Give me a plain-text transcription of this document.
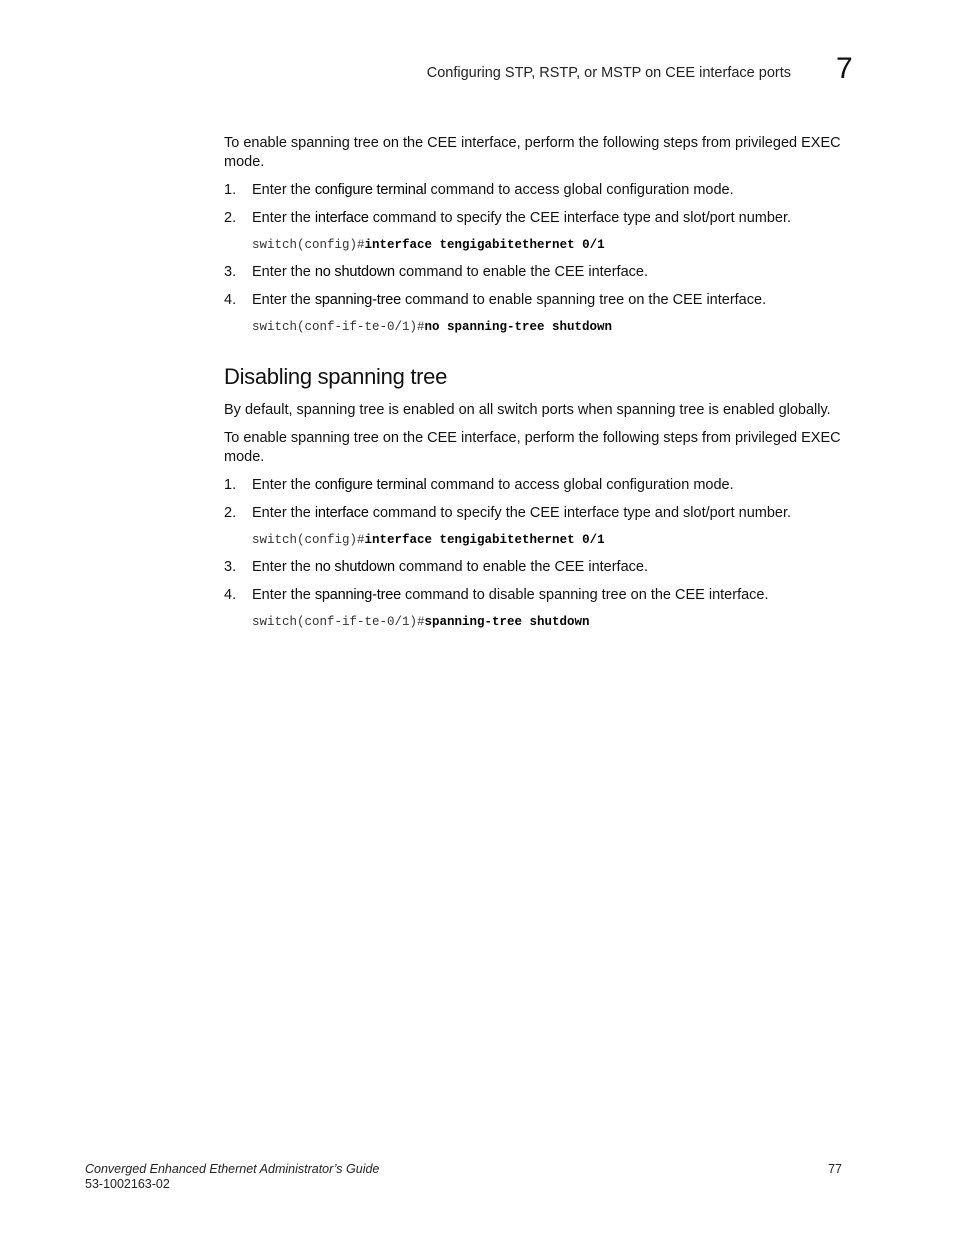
Configuring STP, RSTP, or MSTP on CEE interface ports 7

To enable spanning tree on the CEE interface, perform the following steps from privileged EXEC mode.

1. Enter the configure terminal command to access global configuration mode.
2. Enter the interface command to specify the CEE interface type and slot/port number.
switch(config)#interface tengigabitethernet 0/1
3. Enter the no shutdown command to enable the CEE interface.
4. Enter the spanning-tree command to enable spanning tree on the CEE interface.
switch(conf-if-te-0/1)#no spanning-tree shutdown
Disabling spanning tree

By default, spanning tree is enabled on all switch ports when spanning tree is enabled globally.

To enable spanning tree on the CEE interface, perform the following steps from privileged EXEC mode.

1. Enter the configure terminal command to access global configuration mode.
2. Enter the interface command to specify the CEE interface type and slot/port number.
switch(config)#interface tengigabitethernet 0/1
3. Enter the no shutdown command to enable the CEE interface.
4. Enter the spanning-tree command to disable spanning tree on the CEE interface.
switch(conf-if-te-0/1)#spanning-tree shutdown
Converged Enhanced Ethernet Administrator’s Guide
53-1002163-02
77
